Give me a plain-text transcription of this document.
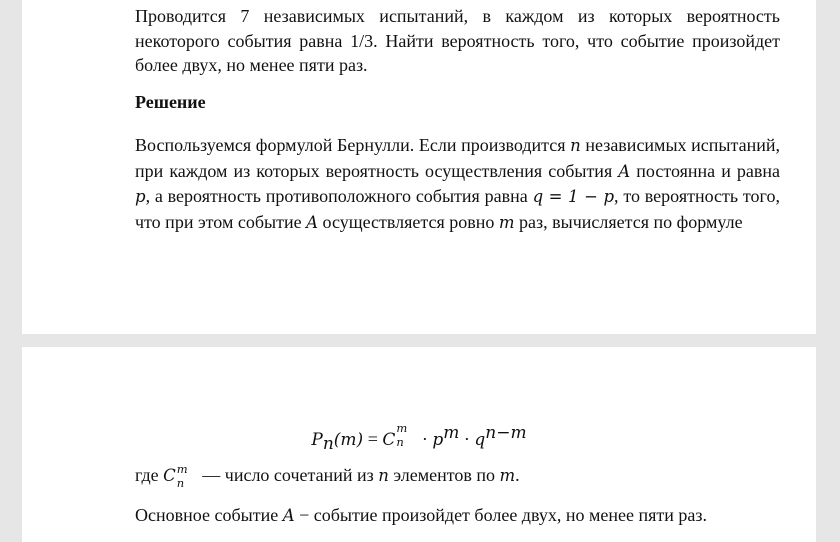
Проводится 7 независимых испытаний, в каждом из которых вероятность некоторого события равна 1/3. Найти вероятность того, что событие произойдет более двух, но менее пяти раз.

Решение

Воспользуемся формулой Бернулли. Если производится n независимых испытаний, при каждом из которых вероятность осуществления события A постоянна и равна p, а вероятность противоположного события равна q = 1 − p, то вероятность того, что при этом событие A осуществляется ровно m раз, вычисляется по формуле

$P_n(m) = C$
m
$n \cdot p^m \cdot q^{n-m}$

где C m
n — число сочетаний из n элементов по m.

Основное событие A − событие произойдет более двух, но менее пяти раз.
